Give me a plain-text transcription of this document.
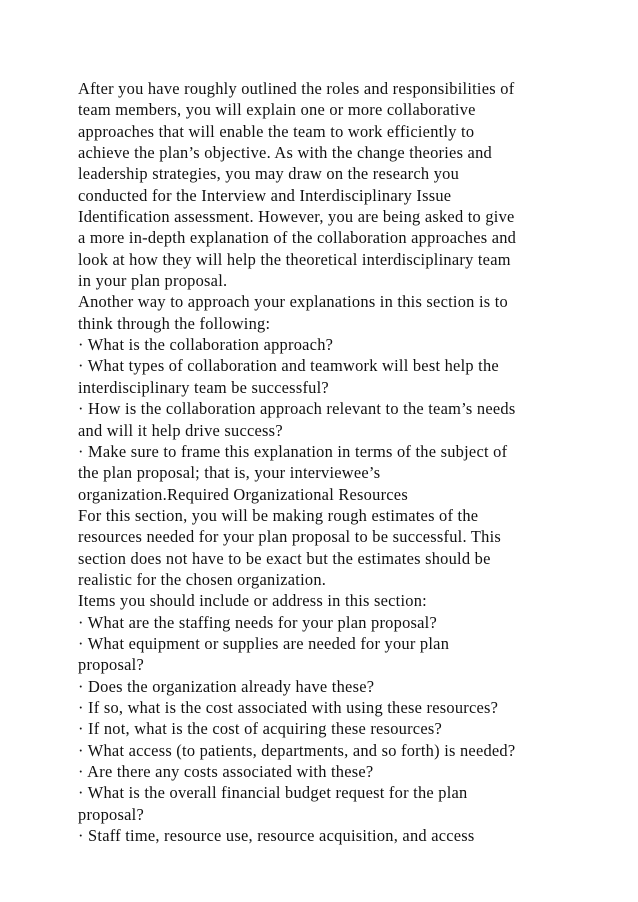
After you have roughly outlined the roles and responsibilities of
team members, you will explain one or more collaborative
approaches that will enable the team to work efficiently to
achieve the plan’s objective. As with the change theories and
leadership strategies, you may draw on the research you
conducted for the Interview and Interdisciplinary Issue
Identification assessment. However, you are being asked to give
a more in-depth explanation of the collaboration approaches and
look at how they will help the theoretical interdisciplinary team
in your plan proposal.
Another way to approach your explanations in this section is to
think through the following:
· What is the collaboration approach?
· What types of collaboration and teamwork will best help the
interdisciplinary team be successful?
· How is the collaboration approach relevant to the team’s needs
and will it help drive success?
· Make sure to frame this explanation in terms of the subject of
the plan proposal; that is, your interviewee’s
organization.Required Organizational Resources
For this section, you will be making rough estimates of the
resources needed for your plan proposal to be successful. This
section does not have to be exact but the estimates should be
realistic for the chosen organization.
Items you should include or address in this section:
· What are the staffing needs for your plan proposal?
· What equipment or supplies are needed for your plan
proposal?
· Does the organization already have these?
· If so, what is the cost associated with using these resources?
· If not, what is the cost of acquiring these resources?
· What access (to patients, departments, and so forth) is needed?
· Are there any costs associated with these?
· What is the overall financial budget request for the plan
proposal?
· Staff time, resource use, resource acquisition, and access
